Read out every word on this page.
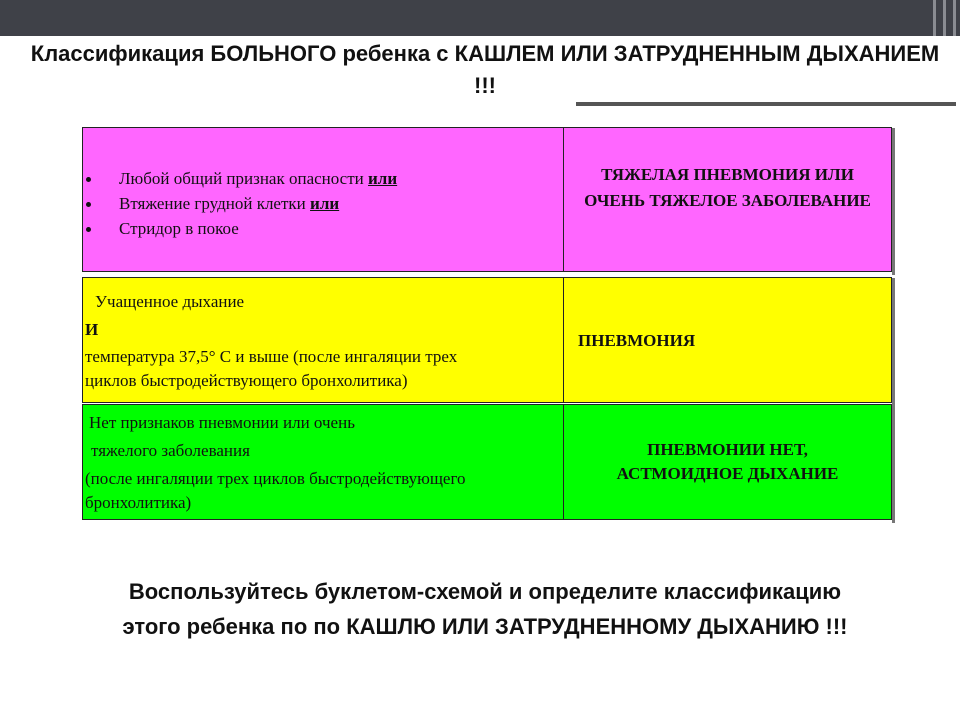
Классификация БОЛЬНОГО ребенка с КАШЛЕМ ИЛИ ЗАТРУДНЕННЫМ ДЫХАНИЕМ !!!
Любой общий признак опасности или
Втяжение грудной клетки или
Стридор в покое
ТЯЖЕЛАЯ ПНЕВМОНИЯ ИЛИ ОЧЕНЬ ТЯЖЕЛОЕ ЗАБОЛЕВАНИЕ
Учащенное дыхание
И
температура 37,5° С и выше (после ингаляции трех
циклов быстродействующего бронхолитика)
ПНЕВМОНИЯ
Нет признаков пневмонии или очень
тяжелого заболевания
(после ингаляции трех циклов быстродействующего
бронхолитика)
ПНЕВМОНИИ НЕТ,
АСТМОИДНОЕ ДЫХАНИЕ
Воспользуйтесь буклетом-схемой и определите классификацию этого ребенка по по КАШЛЮ ИЛИ ЗАТРУДНЕННОМУ ДЫХАНИЮ !!!
